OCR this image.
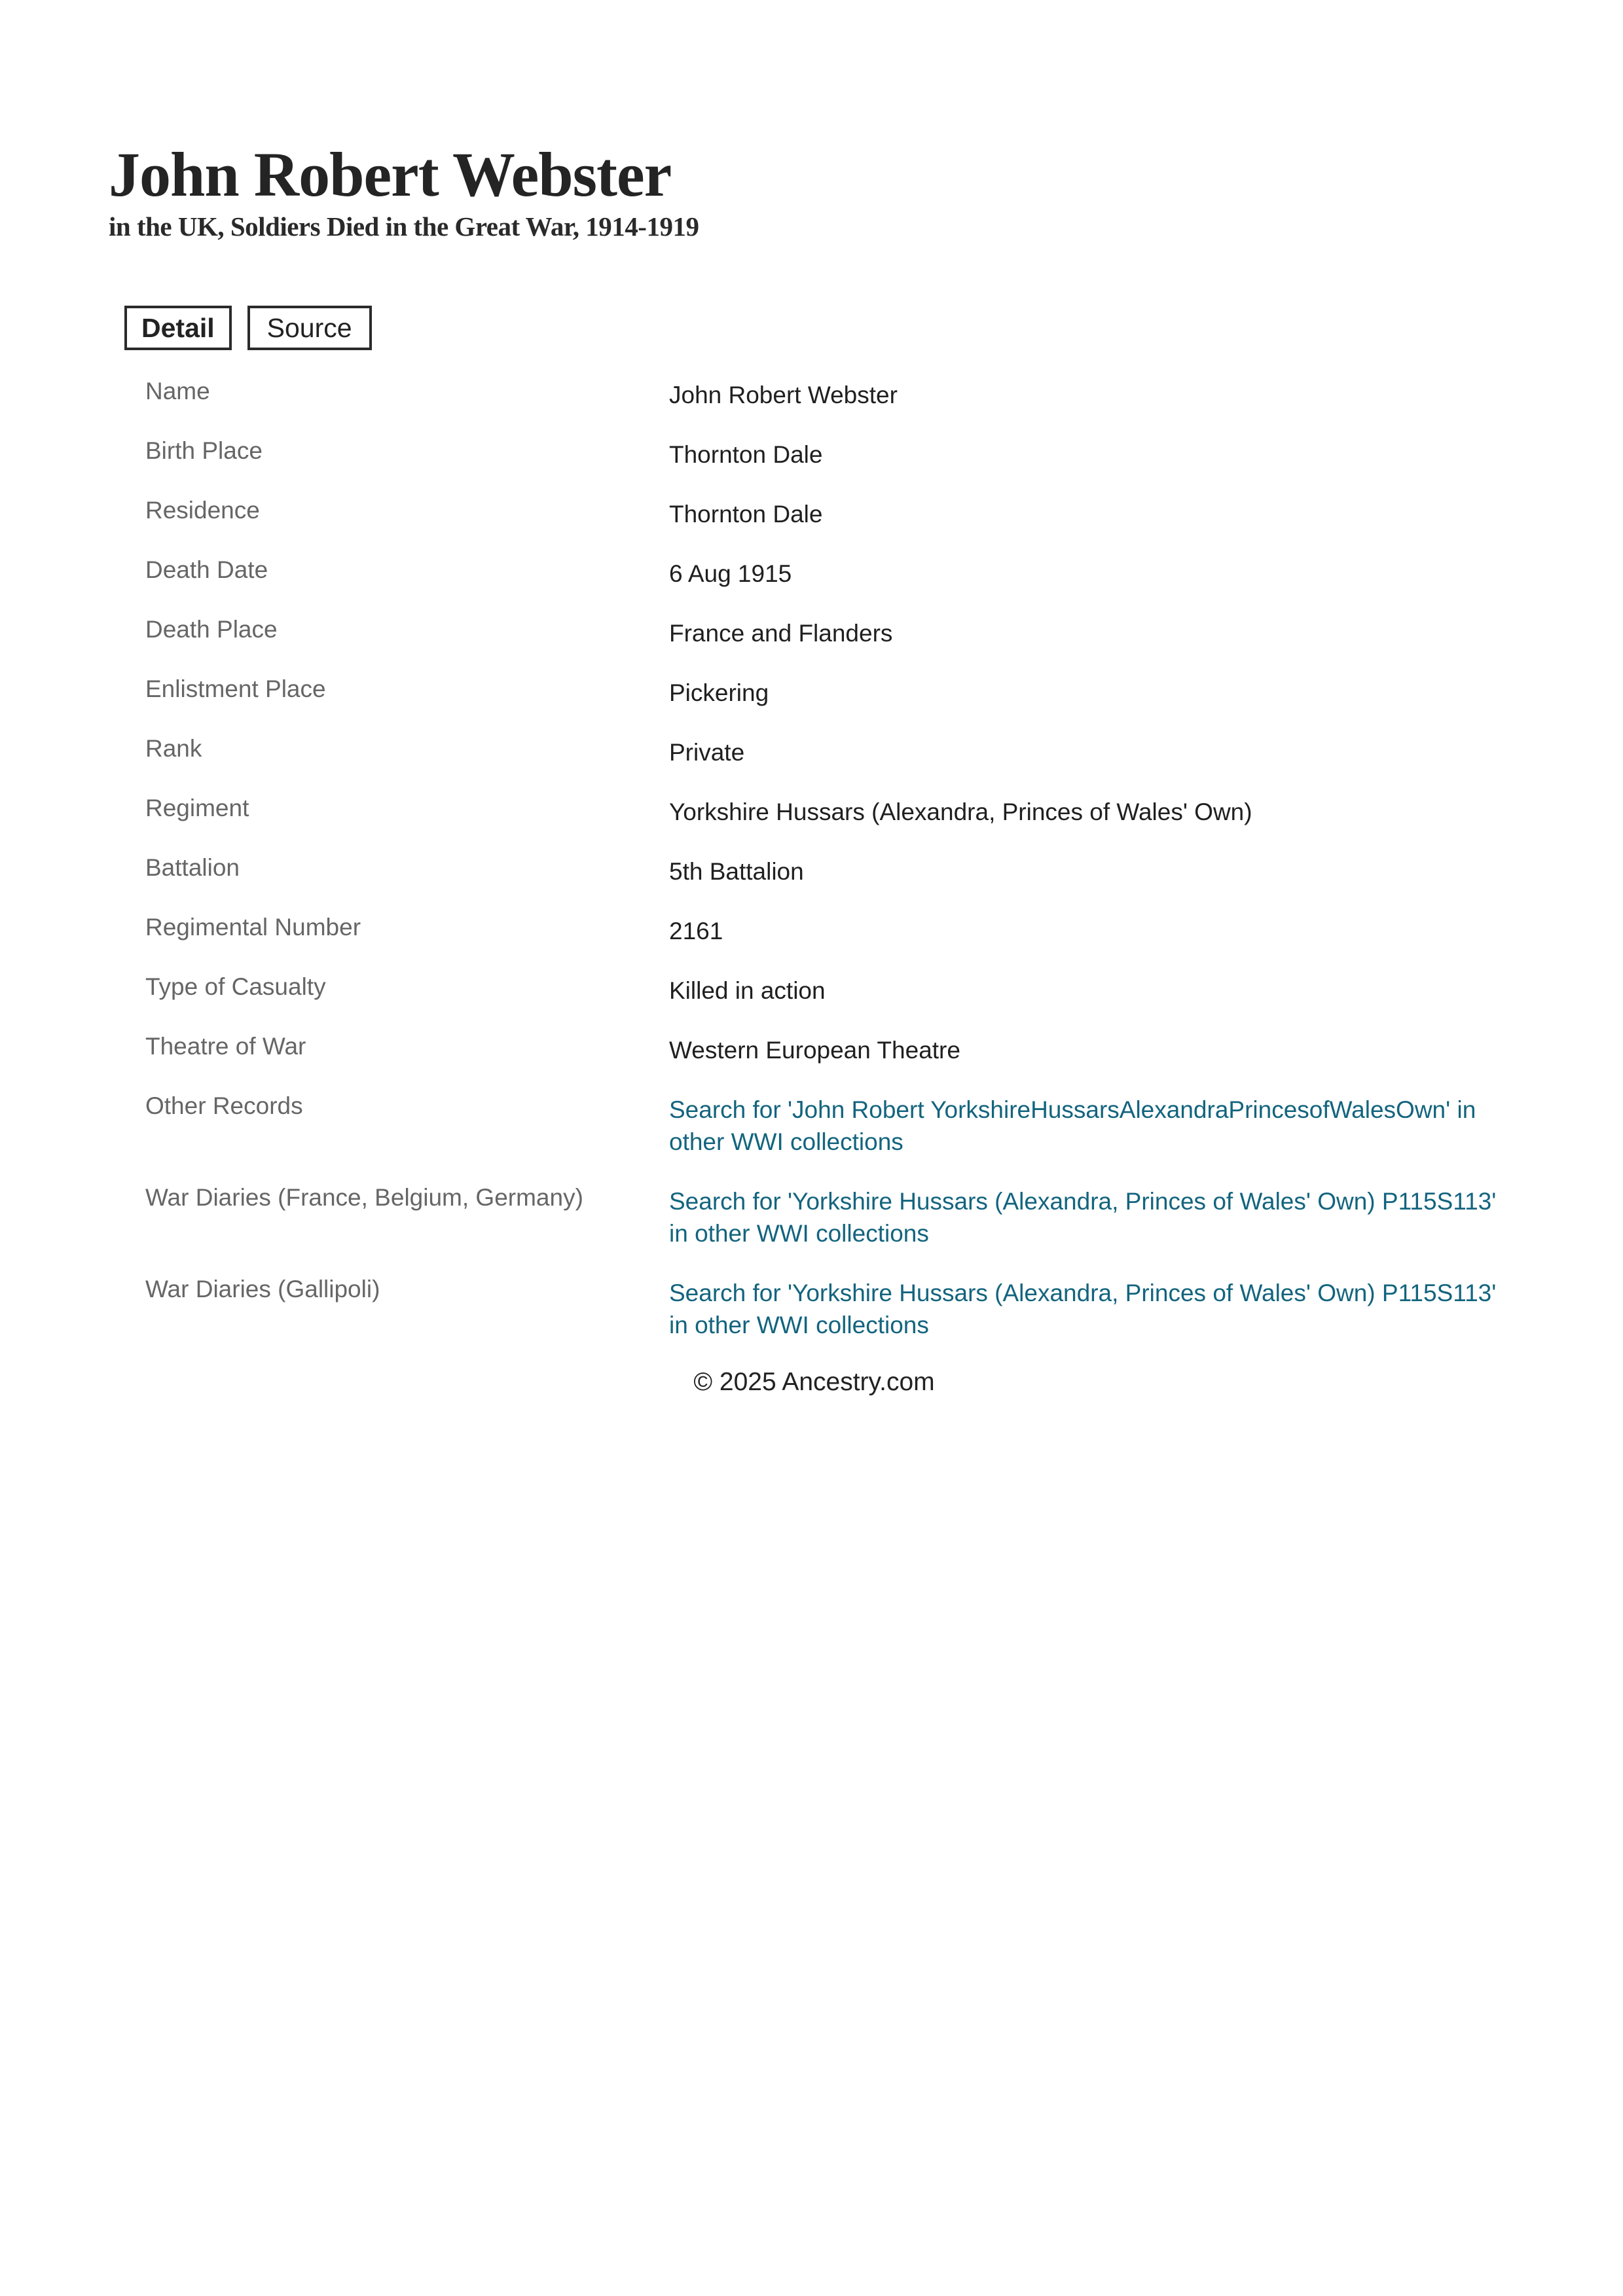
John Robert Webster
in the UK, Soldiers Died in the Great War, 1914-1919
Detail	Source
Name	John Robert Webster
Birth Place	Thornton Dale
Residence	Thornton Dale
Death Date	6 Aug 1915
Death Place	France and Flanders
Enlistment Place	Pickering
Rank	Private
Regiment	Yorkshire Hussars (Alexandra, Princes of Wales' Own)
Battalion	5th Battalion
Regimental Number	2161
Type of Casualty	Killed in action
Theatre of War	Western European Theatre
Other Records	Search for 'John Robert YorkshireHussarsAlexandraPrincesofWalesOwn' in other WWI collections
War Diaries (France, Belgium, Germany)	Search for 'Yorkshire Hussars (Alexandra, Princes of Wales' Own) P115S113' in other WWI collections
War Diaries (Gallipoli)	Search for 'Yorkshire Hussars (Alexandra, Princes of Wales' Own) P115S113' in other WWI collections
© 2025 Ancestry.com
